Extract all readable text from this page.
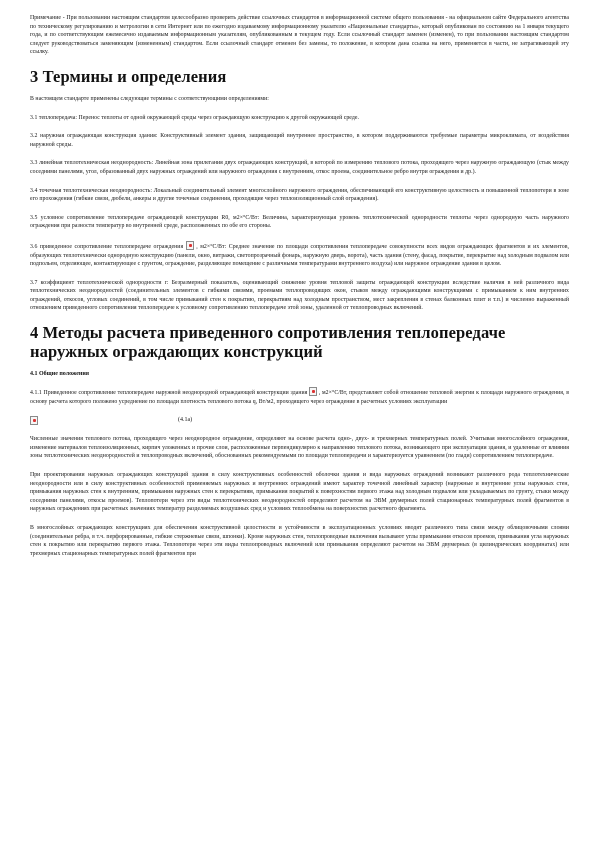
Примечание - При пользовании настоящим стандартом целесообразно проверить действие ссылочных стандартов в информационной системе общего пользования - на официальном сайте Федерального агентства по техническому регулированию и метрологии в сети Интернет или по ежегодно издаваемому информационному указателю «Национальные стандарты», который опубликован по состоянию на 1 января текущего года, и по соответствующим ежемесячно издаваемым информационным указателям, опубликованным в текущем году. Если ссылочный стандарт заменен (изменен), то при пользовании настоящим стандартом следует руководствоваться заменяющим (измененным) стандартом. Если ссылочный стандарт отменен без замены, то положение, в котором дана ссылка на него, применяется в части, не затрагивающей эту ссылку.

3 Термины и определения

В настоящем стандарте применены следующие термины с соответствующими определениями:

3.1 теплопередача: Перенос теплоты от одной окружающей среды через ограждающую конструкцию к другой окружающей среде.

3.2 наружная ограждающая конструкция здания: Конструктивный элемент здания, защищающий внутреннее пространство, в котором поддерживаются требуемые параметры микроклимата, от воздействия наружной среды.

3.3 линейная теплотехническая неоднородность: Линейная зона прилегания двух ограждающих конструкций, в которой по измерению теплового потока, проходящего через наружную ограждающую (стык между соседними панелями, угол, образованный двух наружных ограждений или наружного ограждения с внутренним, откос проема, соединительное ребро внутри ограждения и др.).

3.4 точечная теплотехническая неоднородность: Локальный соединительный элемент многослойного наружного ограждения, обеспечивающий его конструктивную целостность и повышенной теплопотери в зоне его прохождения (гибкие связи, дюбели, анкеры и другие точечные соединения, проходящие через теплоизоляционный слой ограждения).

3.5 условное сопротивление теплопередаче ограждающей конструкции R0, м2×°С/Вт: Величина, характеризующая уровень теплотехнической однородности теплоты через однородную часть наружного ограждения при разности температур во внутренней среде, расположенных по обе его стороны.

3.6 приведенное сопротивление теплопередаче ограждения , м2×°С/Вт: Среднее значение по площади сопротивления теплопередаче совокупности всех видов ограждающих фрагментов и их элементов, образующих теплотехнически однородную конструкцию (панели, окно, витражи, светопрозрачный фонарь, наружную дверь, ворота), часть здания (стену, фасад, покрытие, перекрытие над холодным подвалом или подпольем, отделяющее, контактирующее с грунтом, ограждение, разделяющее помещение с различными температурами внутреннего воздуха) или наружное ограждение здания в целом.

3.7 коэффициент теплотехнической однородности r: Безразмерный показатель, оценивающий снижение уровня тепловой защиты ограждающей конструкции вследствие наличия в ней различного вида теплотехнических неоднородностей (соединительных элементов с гибкими связями, проемами теплопроводящих окон, стыков между ограждающими конструкциями с примыканием к ним внутренних ограждений, откосов, угловых соединений, в том числе примыканий стен к покрытию, перекрытиям над холодным пространством, мест закрепления в стенах балконных плит и т.п.) и численно выраженный отношением приведенного сопротивления теплопередаче к условному сопротивлению теплопередаче этой зоны, удаленной от теплопроводных включений.

4 Методы расчета приведенного сопротивления теплопередаче наружных ограждающих конструкций
4.1 Общие положения

4.1.1 Приведенное сопротивление теплопередаче наружной неоднородной ограждающей конструкции здания , м2×°С/Вт, представляет собой отношение тепловой энергии к площади наружного ограждения, в основу расчета которого положено усреднение по площади плотность теплового потока q, Вт/м2, проходящего через ограждение в расчетных условиях эксплуатации

(4.1а)

Численные значения теплового потока, проходящего через неоднородное ограждение, определяют на основе расчета одно-, двух- и трехмерных температурных полей. Учитывая многослойного ограждения, изменение материалов теплоизоляционных, кирпич уложенных и прочие слои, расположенные перпендикулярно к направлению теплового потока, возникающего при эксплуатации здания, и удаленные от влияния зоны теплотехнических неоднородностей и теплопроводных включений, обоснованных рекомендуемыми по площади теплопередачи и характеризуется уравнением (по глади) сопротивлением теплопередаче.

При проектировании наружных ограждающих конструкций здания в силу конструктивных особенностей оболочки здания и вида наружных ограждений возникают различного рода теплотехнические неоднородности или в силу конструктивных особенностей применяемых наружных и внутренних ограждений имеют характер точечной линейный характер (наружные и внутренние углы наружных стен, примыкания наружных стен к внутренним, примыкания наружных стен к перекрытиям, примыкания покрытий к поверхностям первого этажа над холодным подвалом или укладываемых по грунту, стыки между соседними панелями, откосы проемов). Теплопотери через эти виды теплотехнических неоднородностей определяют расчетом на ЭВМ двумерных полей стационарных температурных полей фрагментов в наружных ограждениях при расчетных значениях температур разделяемых воздушных сред и условиях теплообмена на поверхностях расчетного фрагмента.

В многослойных ограждающих конструкциях для обеспечения конструктивной целостности и устойчивости в эксплуатационных условиях вводят различного типа связи между облицовочными слоями (соединительные ребра, в т.ч. перфорированные, гибкие стержневые связи, шпонки). Кроме наружных стен, теплопроводные включения вызывают углы примыкания откосов проемов, примыкания угла наружных стен к покрытию или перекрытию первого этажа. Теплопотери через эти виды теплопроводных включений или примыкания определяют расчетом на ЭВМ двумерных (в цилиндрических координатах) или трехмерных стационарных температурных полей фрагментов при
